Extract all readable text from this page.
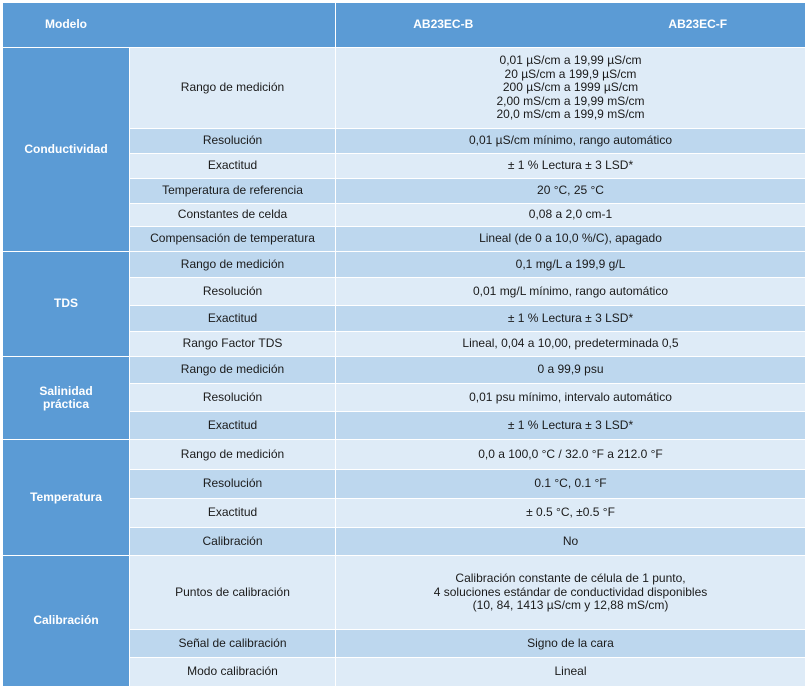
Modelo		AB23EC-B AB23EC-F

Conductividad	Rango de medición	0,01 µS/cm a 19,99 µS/cm
20 µS/cm a 199,9 µS/cm
200 µS/cm a 1999 µS/cm
2,00 mS/cm a 19,99 mS/cm
20,0 mS/cm a 199,9 mS/cm

	Resolución	0,01 µS/cm mínimo, rango automático
	Exactitud	± 1 % Lectura ± 3 LSD*
	Temperatura de referencia	20 °C, 25 °C
	Constantes de celda	0,08 a 2,0 cm-1
	Compensación de temperatura	Lineal (de 0 a 10,0 %/C), apagado
TDS	Rango de medición	0,1 mg/L a 199,9 g/L
	Resolución	0,01 mg/L mínimo, rango automático
	Exactitud	± 1 % Lectura ± 3 LSD*
	Rango Factor TDS	Lineal, 0,04 a 10,00, predeterminada 0,5

Salinidad
práctica	Rango de medición	0 a 99,9 psu
	Resolución	0,01 psu mínimo, intervalo automático
	Exactitud	± 1 % Lectura ± 3 LSD*
Temperatura	Rango de medición	0,0 a 100,0 °C / 32.0 °F a 212.0 °F
	Resolución	0.1 °C, 0.1 °F
	Exactitud	± 0.5 °C, ±0.5 °F
	Calibración	No
Calibración	Puntos de calibración	Calibración constante de célula de 1 punto,
4 soluciones estándar de conductividad disponibles
(10, 84, 1413 µS/cm y 12,88 mS/cm)

	Señal de calibración	Signo de la cara
	Modo calibración	Lineal
